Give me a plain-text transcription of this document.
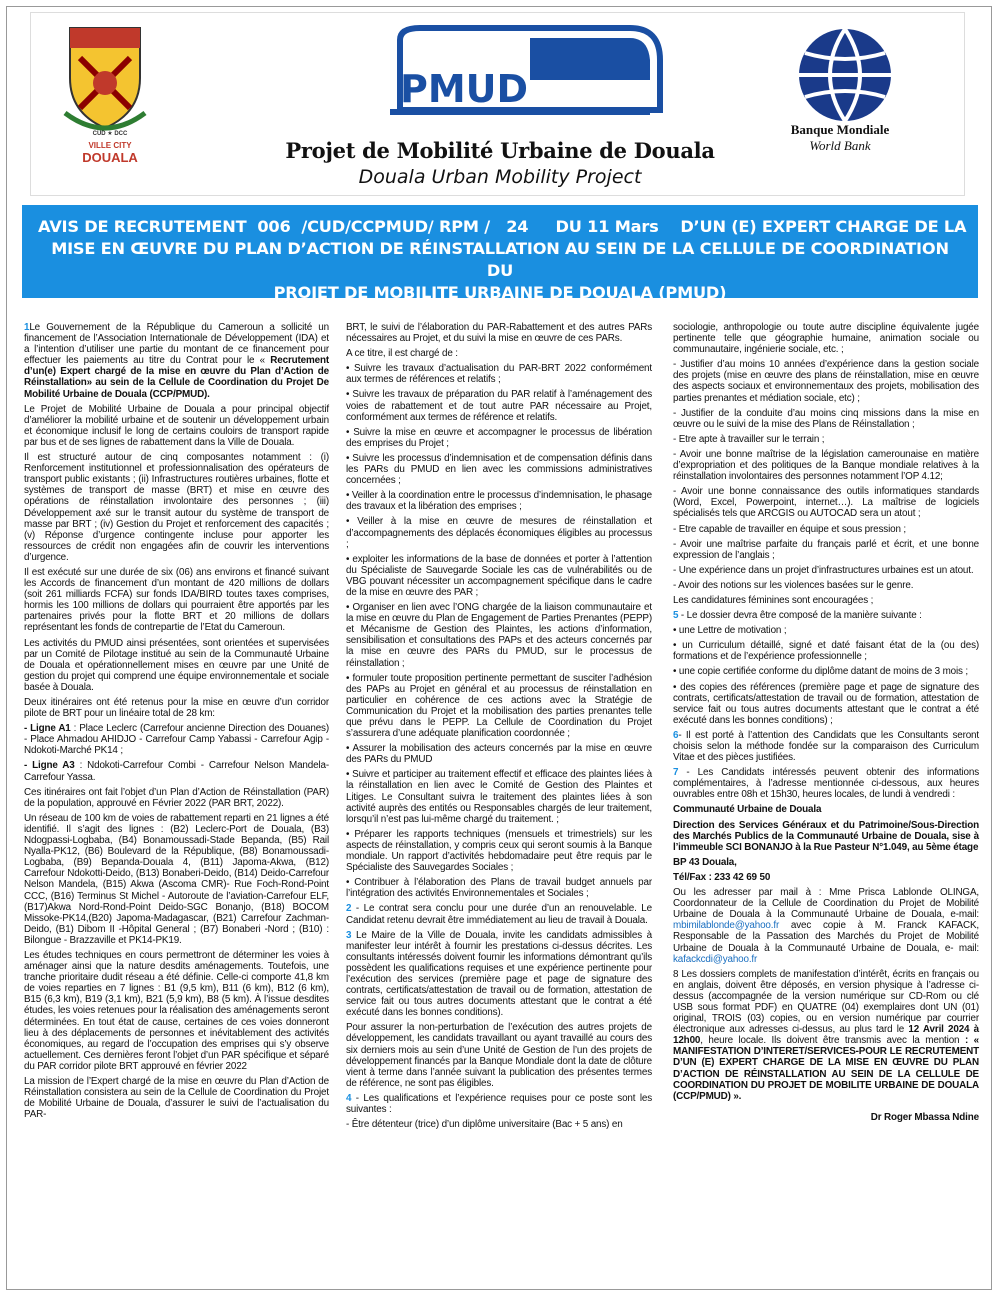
CUD ★ DCC
VILLE CITY
DOUALA
PMUD
Projet de Mobilité Urbaine de Douala
Douala Urban Mobility Project
Banque Mondiale
World Bank
AVIS DE RECRUTEMENT  006  /CUD/CCPMUD/ RPM /   24     DU 11 Mars    D’UN (E) EXPERT CHARGE DE LA
MISE EN ŒUVRE DU PLAN D’ACTION DE RÉINSTALLATION AU SEIN DE LA CELLULE DE COORDINATION DU
PROJET DE MOBILITE URBAINE DE DOUALA (PMUD)

1Le Gouvernement de la République du Cameroun a sollicité un financement de l’Association Internationale de Développement (IDA) et a l’intention d’utiliser une partie du montant de ce financement pour effectuer les paiements au titre du Contrat pour le « Recrutement d’un(e) Expert chargé de la mise en œuvre du Plan d’Action de Réinstallation» au sein de la Cellule de Coordination du Projet De Mobilité Urbaine de Douala (CCP/PMUD).

Le Projet de Mobilité Urbaine de Douala a pour principal objectif d’améliorer la mobilité urbaine et de soutenir un développement urbain et économique inclusif le long de certains couloirs de transport rapide par bus et de ses lignes de rabattement dans la Ville de Douala.

Il est structuré autour de cinq composantes notamment : (i) Renforcement institutionnel et professionnalisation des opérateurs de transport public existants ; (ii) Infrastructures routières urbaines, flotte et systèmes de transport de masse (BRT) et mise en œuvre des opérations de réinstallation involontaire des personnes ; (iii) Développement axé sur le transit autour du système de transport de masse par BRT ; (iv) Gestion du Projet et renforcement des capacités ; (v) Réponse d’urgence contingente incluse pour apporter les ressources de crédit non engagées afin de couvrir les interventions d’urgence.

Il est exécuté sur une durée de six (06) ans environs et financé suivant les Accords de financement d’un montant de 420 millions de dollars (soit 261 milliards FCFA) sur fonds IDA/BIRD toutes taxes comprises, hormis les 100 millions de dollars qui pourraient être apportés par les partenaires privés pour la flotte BRT et 20 millions de dollars représentant les fonds de contrepartie de l’Etat du Cameroun.

Les activités du PMUD ainsi présentées, sont orientées et supervisées par un Comité de Pilotage institué au sein de la Communauté Urbaine de Douala et opérationnellement mises en œuvre par une Unité de gestion du projet qui comprend une équipe environnementale et sociale basée à Douala.

Deux itinéraires ont été retenus pour la mise en œuvre d’un corridor pilote de BRT pour un linéaire total de 28 km:

- Ligne A1 : Place Leclerc (Carrefour ancienne Direction des Douanes) - Place Ahmadou AHIDJO - Carrefour Camp Yabassi - Carrefour Agip - Ndokoti-Marché PK14 ;

- Ligne A3 : Ndokoti-Carrefour Combi - Carrefour Nelson Mandela-Carrefour Yassa.

Ces itinéraires ont fait l’objet d’un Plan d’Action de Réinstallation (PAR) de la population, approuvé en Février 2022 (PAR BRT, 2022).

Un réseau de 100 km de voies de rabattement reparti en 21 lignes a été identifié. Il s’agit des lignes : (B2) Leclerc-Port de Douala, (B3) Ndogpassi-Logbaba, (B4) Bonamoussadi-Stade Bepanda, (B5) Rail Nyalla-PK12, (B6) Boulevard de la République, (B8) Bonamoussadi-Logbaba, (B9) Bepanda-Douala 4, (B11) Japoma-Akwa, (B12) Carrefour Ndokotti-Deido, (B13) Bonaberi-Deido, (B14) Deido-Carrefour Nelson Mandela, (B15) Akwa (Ascoma CMR)- Rue Foch-Rond-Point CCC, (B16) Terminus St Michel - Autoroute de l’aviation-Carrefour ELF, (B17)Akwa Nord-Rond-Point Deido-SGC Bonanjo, (B18) BOCOM Missoke-PK14,(B20) Japoma-Madagascar, (B21) Carrefour Zachman-Deido, (B1) Dibom II -Hôpital General ; (B7) Bonaberi -Nord ; (B10) : Bilongue - Brazzaville et PK14-PK19.

Les études techniques en cours permettront de déterminer les voies à aménager ainsi que la nature desdits aménagements. Toutefois, une tranche prioritaire dudit réseau a été définie. Celle-ci comporte 41,8 km de voies reparties en 7 lignes : B1 (9,5 km), B11 (6 km), B12 (6 km), B15 (6,3 km), B19 (3,1 km), B21 (5,9 km), B8 (5 km). À l’issue desdites études, les voies retenues pour la réalisation des aménagements seront déterminées. En tout état de cause, certaines de ces voies donneront lieu à des déplacements de personnes et inévitablement des activités économiques, au regard de l’occupation des emprises qui s’y observe actuellement. Ces dernières feront l’objet d’un PAR spécifique et séparé du PAR corridor pilote BRT approuvé en février 2022

La mission de l’Expert chargé de la mise en œuvre du Plan d’Action de Réinstallation consistera au sein de la Cellule de Coordination du Projet de Mobilité Urbaine de Douala, d’assurer le suivi de l’actualisation du PAR-

BRT, le suivi de l’élaboration du PAR-Rabattement et des autres PARs nécessaires au Projet, et du suivi la mise en œuvre de ces PARs.

A ce titre, il est chargé de :

• Suivre les travaux d’actualisation du PAR-BRT 2022 conformément aux termes de références et relatifs ;

• Suivre les travaux de préparation du PAR relatif à l’aménagement des voies de rabattement et de tout autre PAR nécessaire au Projet, conformément aux termes de référence et relatifs.

• Suivre la mise en œuvre et accompagner le processus de libération des emprises du Projet ;

• Suivre les processus d’indemnisation et de compensation définis dans les PARs du PMUD en lien avec les commissions administratives concernées ;

• Veiller à la coordination entre le processus d’indemnisation, le phasage des travaux et la libération des emprises ;

• Veiller à la mise en œuvre de mesures de réinstallation et d’accompagnements des déplacés économiques éligibles au processus ;

• exploiter les informations de la base de données et porter à l’attention du Spécialiste de Sauvegarde Sociale les cas de vulnérabilités ou de VBG pouvant nécessiter un accompagnement spécifique dans le cadre de la mise en œuvre des PAR ;

• Organiser en lien avec l’ONG chargée de la liaison communautaire et la mise en œuvre du Plan de Engagement de Parties Prenantes (PEPP) et Mécanisme de Gestion des Plaintes, les actions d’information, sensibilisation et consultations des PAPs et des acteurs concernés par la mise en œuvre des PARs du PMUD, sur le processus de réinstallation ;

• formuler toute proposition pertinente permettant de susciter l’adhésion des PAPs au Projet en général et au processus de réinstallation en particulier en cohérence de ces actions avec la Stratégie de Communication du Projet et la mobilisation des parties prenantes telle que prévu dans le PEPP. La Cellule de Coordination du Projet s’assurera d’une adéquate planification coordonnée ;

• Assurer la mobilisation des acteurs concernés par la mise en œuvre des PARs du PMUD

• Suivre et participer au traitement effectif et efficace des plaintes liées à la réinstallation en lien avec le Comité de Gestion des Plaintes et Litiges. Le Consultant suivra le traitement des plaintes liées à son activité auprès des entités ou Responsables chargés de leur traitement, lorsqu’il n’est pas lui-même chargé du traitement. ;

• Préparer les rapports techniques (mensuels et trimestriels) sur les aspects de réinstallation, y compris ceux qui seront soumis à la Banque mondiale. Un rapport d’activités hebdomadaire peut être requis par le Spécialiste des Sauvegardes Sociales ;

• Contribuer à l’élaboration des Plans de travail budget annuels par l’intégration des activités Environnementales et Sociales ;

2 - Le contrat sera conclu pour une durée d’un an renouvelable. Le Candidat retenu devrait être immédiatement au lieu de travail à Douala.

3 Le Maire de la Ville de Douala, invite les candidats admissibles à manifester leur intérêt à fournir les prestations ci-dessus décrites. Les consultants intéressés doivent fournir les informations démontrant qu’ils possèdent les qualifications requises et une expérience pertinente pour l’exécution des services (première page et page de signature des contrats, certificats/attestation de travail ou de formation, attestation de service fait ou tous autres documents attestant que le contrat a été exécuté dans les bonnes conditions).

Pour assurer la non-perturbation de l’exécution des autres projets de développement, les candidats travaillant ou ayant travaillé au cours des six derniers mois au sein d’une Unité de Gestion de l’un des projets de développement financés par la Banque Mondiale dont la date de clôture vient à terme dans l’année suivant la publication des présentes termes de référence, ne sont pas éligibles.

4 - Les qualifications et l’expérience requises pour ce poste sont les suivantes :

- Être détenteur (trice) d’un diplôme universitaire (Bac + 5 ans) en

sociologie, anthropologie ou toute autre discipline équivalente jugée pertinente telle que géographie humaine, animation sociale ou communautaire, ingénierie sociale, etc. ;

- Justifier d’au moins 10 années d’expérience dans la gestion sociale des projets (mise en œuvre des plans de réinstallation, mise en œuvre des aspects sociaux et environnementaux des projets, mobilisation des parties prenantes et médiation sociale, etc) ;

- Justifier de la conduite d’au moins cinq missions dans la mise en œuvre ou le suivi de la mise des Plans de Réinstallation ;

- Etre apte à travailler sur le terrain ;

- Avoir une bonne maîtrise de la législation camerounaise en matière d’expropriation et des politiques de la Banque mondiale relatives à la réinstallation involontaires des personnes notamment l’OP 4.12;

- Avoir une bonne connaissance des outils informatiques standards (Word, Excel, Powerpoint, internet…). La maîtrise de logiciels spécialisés tels que ARCGIS ou AUTOCAD sera un atout ;

- Etre capable de travailler en équipe et sous pression ;

- Avoir une maîtrise parfaite du français parlé et écrit, et une bonne expression de l’anglais ;

- Une expérience dans un projet d’infrastructures urbaines est un atout.

- Avoir des notions sur les violences basées sur le genre.

Les candidatures féminines sont encouragées ;

5 - Le dossier devra être composé de la manière suivante :

• une Lettre de motivation ;

• un Curriculum détaillé, signé et daté faisant état de la (ou des) formations et de l’expérience professionnelle ;

• une copie certifiée conforme du diplôme datant de moins de 3 mois ;

• des copies des références (première page et page de signature des contrats, certificats/attestation de travail ou de formation, attestation de service fait ou tous autres documents attestant que le contrat a été exécuté dans les bonnes conditions) ;

6- Il est porté à l’attention des Candidats que les Consultants seront choisis selon la méthode fondée sur la comparaison des Curriculum Vitae et des pièces justifiées.

7 - Les Candidats intéressés peuvent obtenir des informations complémentaires, à l’adresse mentionnée ci-dessous, aux heures ouvrables entre 08h et 15h30, heures locales, de lundi à vendredi :

Communauté Urbaine de Douala

Direction des Services Généraux et du Patrimoine/Sous-Direction des Marchés Publics de la Communauté Urbaine de Douala, sise à l’immeuble SCI BONANJO à la Rue Pasteur N°1.049, au 5ème étage

BP 43 Douala,

Tél/Fax : 233 42 69 50

Ou les adresser par mail à : Mme Prisca Lablonde OLINGA, Coordonnateur de la Cellule de Coordination du Projet de Mobilité Urbaine de Douala à la Communauté Urbaine de Douala, e-mail: mbimilablonde@yahoo.fr avec copie à M. Franck KAFACK, Responsable de la Passation des Marchés du Projet de Mobilité Urbaine de Douala à la Communauté Urbaine de Douala, e- mail: kafackcdi@yahoo.fr

8 Les dossiers complets de manifestation d’intérêt, écrits en français ou en anglais, doivent être déposés, en version physique à l’adresse ci-dessus (accompagnée de la version numérique sur CD-Rom ou clé USB sous format PDF) en QUATRE (04) exemplaires dont UN (01) original, TROIS (03) copies, ou en version numérique par courrier électronique aux adresses ci-dessus, au plus tard le 12 Avril 2024 à 12h00, heure locale. Ils doivent être transmis avec la mention : « MANIFESTATION D’INTERET/SERVICES-POUR LE RECRUTEMENT D’UN (E) EXPERT CHARGE DE LA MISE EN ŒUVRE DU PLAN D’ACTION DE RÉINSTALLATION AU SEIN DE LA CELLULE DE COORDINATION DU PROJET DE MOBILITE URBAINE DE DOUALA (CCP/PMUD) ».

Dr Roger Mbassa Ndine
